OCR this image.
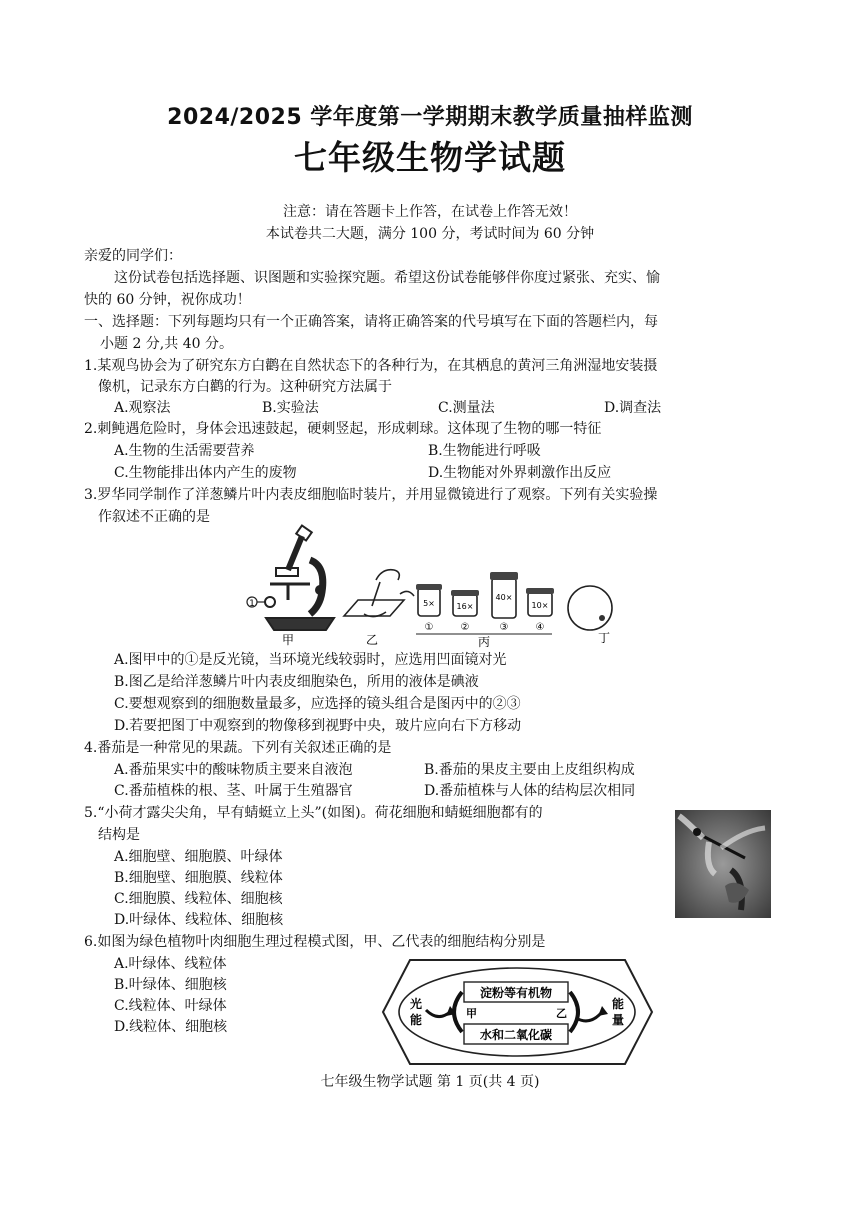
2024/2025 学年度第一学期期末教学质量抽样监测
七年级生物学试题
注意：请在答题卡上作答，在试卷上作答无效！
本试卷共二大题，满分 100 分，考试时间为 60 分钟
亲爱的同学们：
这份试卷包括选择题、识图题和实验探究题。希望这份试卷能够伴你度过紧张、充实、愉
快的 60 分钟，祝你成功！
一、选择题：下列每题均只有一个正确答案，请将正确答案的代号填写在下面的答题栏内，每
小题 2 分,共 40 分。
1.某观鸟协会为了研究东方白鹳在自然状态下的各种行为，在其栖息的黄河三角洲湿地安装摄
像机，记录东方白鹳的行为。这种研究方法属于
A.观察法	B.实验法	C.测量法	D.调查法
2.刺鲀遇危险时，身体会迅速鼓起，硬刺竖起，形成刺球。这体现了生物的哪一特征
A.生物的生活需要营养	B.生物能进行呼吸
C.生物能排出体内产生的废物	D.生物能对外界刺激作出反应
3.罗华同学制作了洋葱鳞片叶内表皮细胞临时装片，并用显微镜进行了观察。下列有关实验操
作叙述不正确的是
1
甲	乙
5×	16×
40×
10×
①	②	③	④
丙	丁
A.图甲中的①是反光镜，当环境光线较弱时，应选用凹面镜对光
B.图乙是给洋葱鳞片叶内表皮细胞染色，所用的液体是碘液
C.要想观察到的细胞数量最多，应选择的镜头组合是图丙中的②③
D.若要把图丁中观察到的物像移到视野中央，玻片应向右下方移动
4.番茄是一种常见的果蔬。下列有关叙述正确的是
A.番茄果实中的酸味物质主要来自液泡	B.番茄的果皮主要由上皮组织构成
C.番茄植株的根、茎、叶属于生殖器官	D.番茄植株与人体的结构层次相同
5.“小荷才露尖尖角，早有蜻蜓立上头”(如图)。荷花细胞和蜻蜓细胞都有的
结构是
A.细胞壁、细胞膜、叶绿体
B.细胞壁、细胞膜、线粒体
C.细胞膜、线粒体、细胞核
D.叶绿体、线粒体、细胞核
6.如图为绿色植物叶肉细胞生理过程模式图，甲、乙代表的细胞结构分别是
A.叶绿体、线粒体
B.叶绿体、细胞核
C.线粒体、叶绿体
D.线粒体、细胞核
淀粉等有机物
水和二氧化碳
甲	乙
光
能
能
量
七年级生物学试题 第 1 页(共 4 页)
